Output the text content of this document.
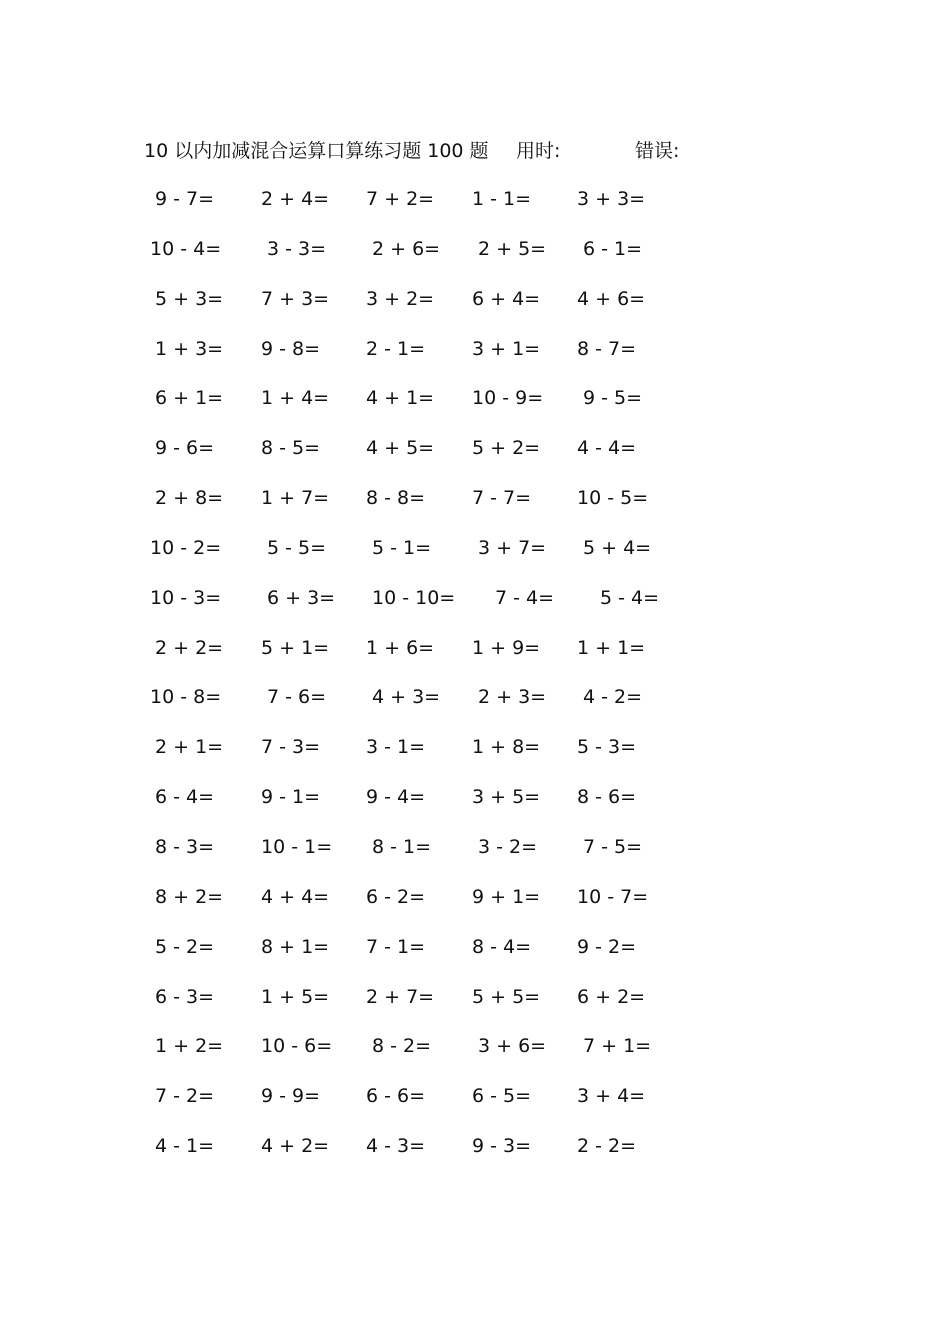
10 以内加减混合运算口算练习题 100 题 用时:	错误:
9 - 7= 2 + 4= 7 + 2= 1 - 1= 3 + 3=
10 - 4= 3 - 3= 2 + 6= 2 + 5= 6 - 1=
5 + 3= 7 + 3= 3 + 2= 6 + 4= 4 + 6=
1 + 3= 9 - 8= 2 - 1= 3 + 1= 8 - 7=
6 + 1= 1 + 4= 4 + 1= 10 - 9= 9 - 5=
9 - 6= 8 - 5= 4 + 5= 5 + 2= 4 - 4=
2 + 8= 1 + 7= 8 - 8= 7 - 7= 10 - 5=
10 - 2= 5 - 5= 5 - 1= 3 + 7= 5 + 4=
10 - 3= 6 + 3= 10 - 10= 7 - 4= 5 - 4=
2 + 2= 5 + 1= 1 + 6= 1 + 9= 1 + 1=
10 - 8= 7 - 6= 4 + 3= 2 + 3= 4 - 2=
2 + 1= 7 - 3= 3 - 1= 1 + 8= 5 - 3=
6 - 4= 9 - 1= 9 - 4= 3 + 5= 8 - 6=
8 - 3= 10 - 1= 8 - 1= 3 - 2= 7 - 5=
8 + 2= 4 + 4= 6 - 2= 9 + 1= 10 - 7=
5 - 2= 8 + 1= 7 - 1= 8 - 4= 9 - 2=
6 - 3= 1 + 5= 2 + 7= 5 + 5= 6 + 2=
1 + 2= 10 - 6= 8 - 2= 3 + 6= 7 + 1=
7 - 2= 9 - 9= 6 - 6= 6 - 5= 3 + 4=
4 - 1= 4 + 2= 4 - 3= 9 - 3= 2 - 2=
